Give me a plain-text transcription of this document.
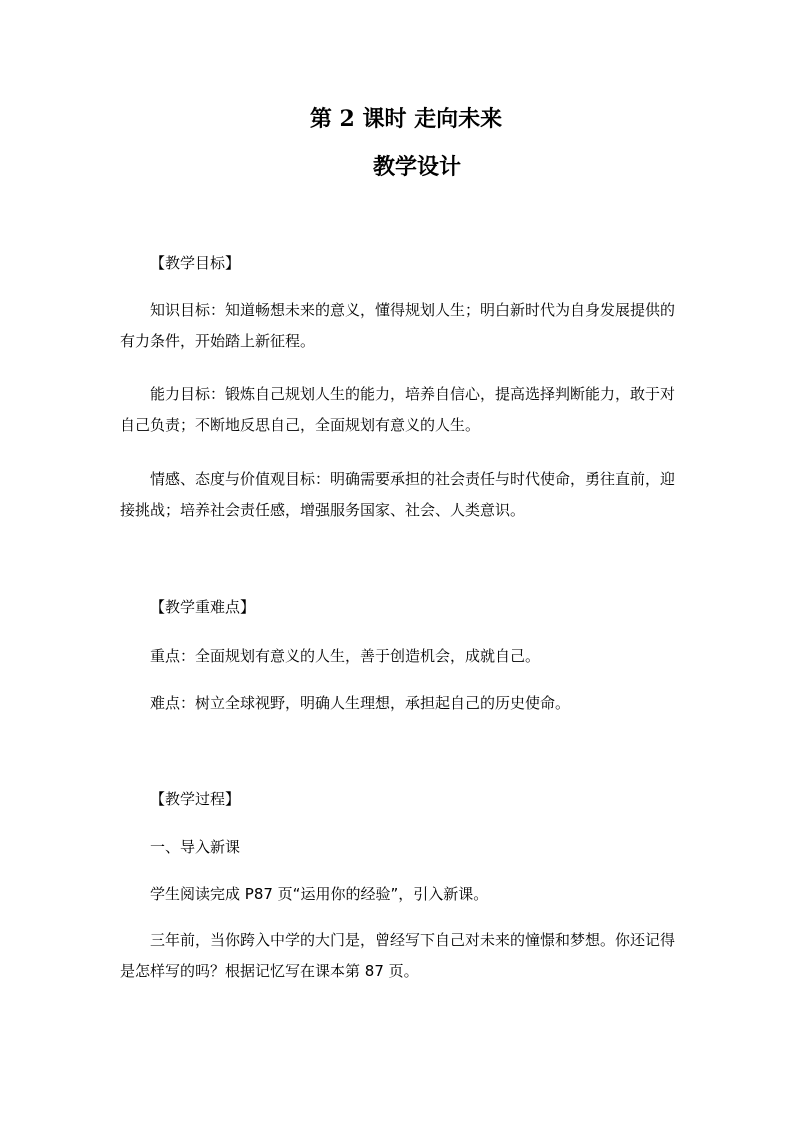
第 2 课时 走向未来
教学设计
【教学目标】

知识目标：知道畅想未来的意义，懂得规划人生；明白新时代为自身发展提供的有力条件，开始踏上新征程。

能力目标：锻炼自己规划人生的能力，培养自信心，提高选择判断能力，敢于对自己负责；不断地反思自己，全面规划有意义的人生。

情感、态度与价值观目标：明确需要承担的社会责任与时代使命，勇往直前，迎接挑战；培养社会责任感，增强服务国家、社会、人类意识。

【教学重难点】
重点：全面规划有意义的人生，善于创造机会，成就自己。
难点：树立全球视野，明确人生理想，承担起自己的历史使命。
【教学过程】
一、导入新课
学生阅读完成 P87 页“运用你的经验”，引入新课。

三年前，当你跨入中学的大门是，曾经写下自己对未来的憧憬和梦想。你还记得是怎样写的吗？根据记忆写在课本第 87 页。
